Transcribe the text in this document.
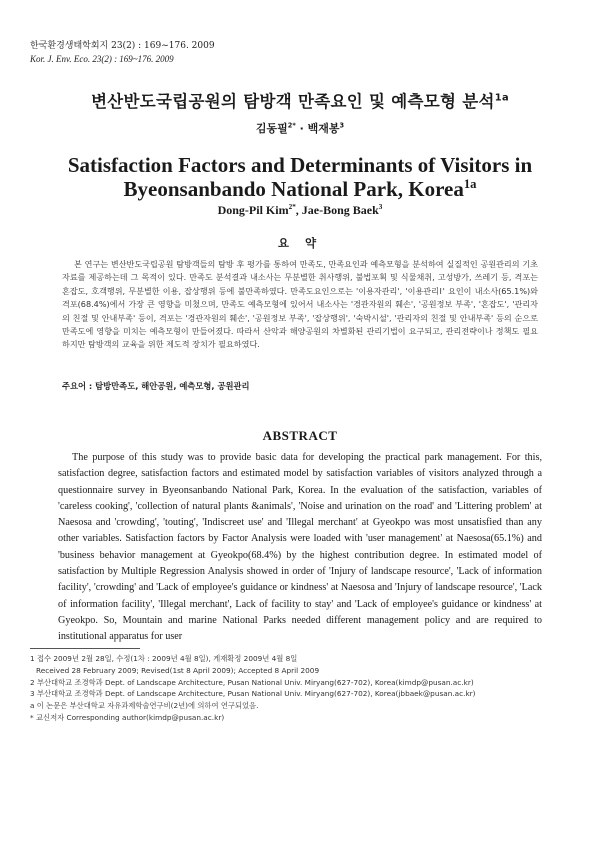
한국환경생태학회지 23(2) : 169~176. 2009
Kor. J. Env. Eco. 23(2) : 169~176. 2009
변산반도국립공원의 탐방객 만족요인 및 예측모형 분석$^{1a}$
김동필$^{2*}$ · 백재봉$^3$
Satisfaction Factors and Determinants of Visitors in
Byeonsanbando National Park, Korea$^{1a}$
Dong-Pil Kim$^{2*}$, Jae-Bong Baek$^3$
요 약
본 연구는 변산반도국립공원 탐방객들의 탐방 후 평가를 통하여 만족도, 만족요인과 예측모형을 분석하여 실질적인 공원관리의 기초자료를 제공하는데 그 목적이 있다. 만족도 분석결과 내소사는 무분별한 취사행위, 불법포획 및 식물채취, 고성방가, 쓰레기 등, 격포는 혼잡도, 호객행위, 무분별한 이용, 잡상행위 등에 불만족하였다. 만족도요인으로는 '이용자관리', '이용관리Ⅰ' 요인이 내소사(65.1%)와 격포(68.4%)에서 가장 큰 영향을 미쳤으며, 만족도 예측모형에 있어서 내소사는 '경관자원의 훼손', '공원정보 부족', '혼잡도', '관리자의 친절 및 안내부족' 등이, 격포는 '경관자원의 훼손', '공원정보 부족', '잡상행위', '숙박시설', '관리자의 친절 및 안내부족' 등의 순으로 만족도에 영향을 미치는 예측모형이 만들어졌다. 따라서 산악과 해양공원의 차별화된 관리기법이 요구되고, 관리전략이나 정책도 필요하지만 탐방객의 교육을 위한 제도적 장치가 필요하였다.
주요어 : 탐방만족도, 해안공원, 예측모형, 공원관리
ABSTRACT
The purpose of this study was to provide basic data for developing the practical park management. For this, satisfaction degree, satisfaction factors and estimated model by satisfaction variables of visitors analyzed through a questionnaire survey in Byeonsanbando National Park, Korea. In the evaluation of the satisfaction, variables of 'careless cooking', 'collection of natural plants &animals', 'Noise and urination on the road' and 'Littering problem' at Naesosa and 'crowding', 'touting', 'Indiscreet use' and 'Illegal merchant' at Gyeokpo was most unsatisfied than any other variables. Satisfaction factors by Factor Analysis were loaded with 'user management' at Naesosa(65.1%) and 'business behavior management at Gyeokpo(68.4%) by the highest contribution degree. In estimated model of satisfaction by Multiple Regression Analysis showed in order of 'Injury of landscape resource', 'Lack of information facility', 'crowding' and 'Lack of employee's guidance or kindness' at Naesosa and 'Injury of landscape resource', 'Lack of information facility', 'Illegal merchant', Lack of facility to stay' and 'Lack of employee's guidance or kindness' at Gyeokpo. So, Mountain and marine National Parks needed different management policy and are required to institutional apparatus for user
1 접수 2009년 2월 28일, 수정(1차 : 2009년 4월 8일), 게재확정 2009년 4월 8일
Received 28 February 2009; Revised(1st 8 April 2009); Accepted 8 April 2009
2 부산대학교 조경학과 Dept. of Landscape Architecture, Pusan National Univ. Miryang(627-702), Korea(kimdp@pusan.ac.kr)
3 부산대학교 조경학과 Dept. of Landscape Architecture, Pusan National Univ. Miryang(627-702), Korea(jbbaek@pusan.ac.kr)
a 이 논문은 부산대학교 자유과제학술연구비(2년)에 의하여 연구되었음.
* 교신저자 Corresponding author(kimdp@pusan.ac.kr)
